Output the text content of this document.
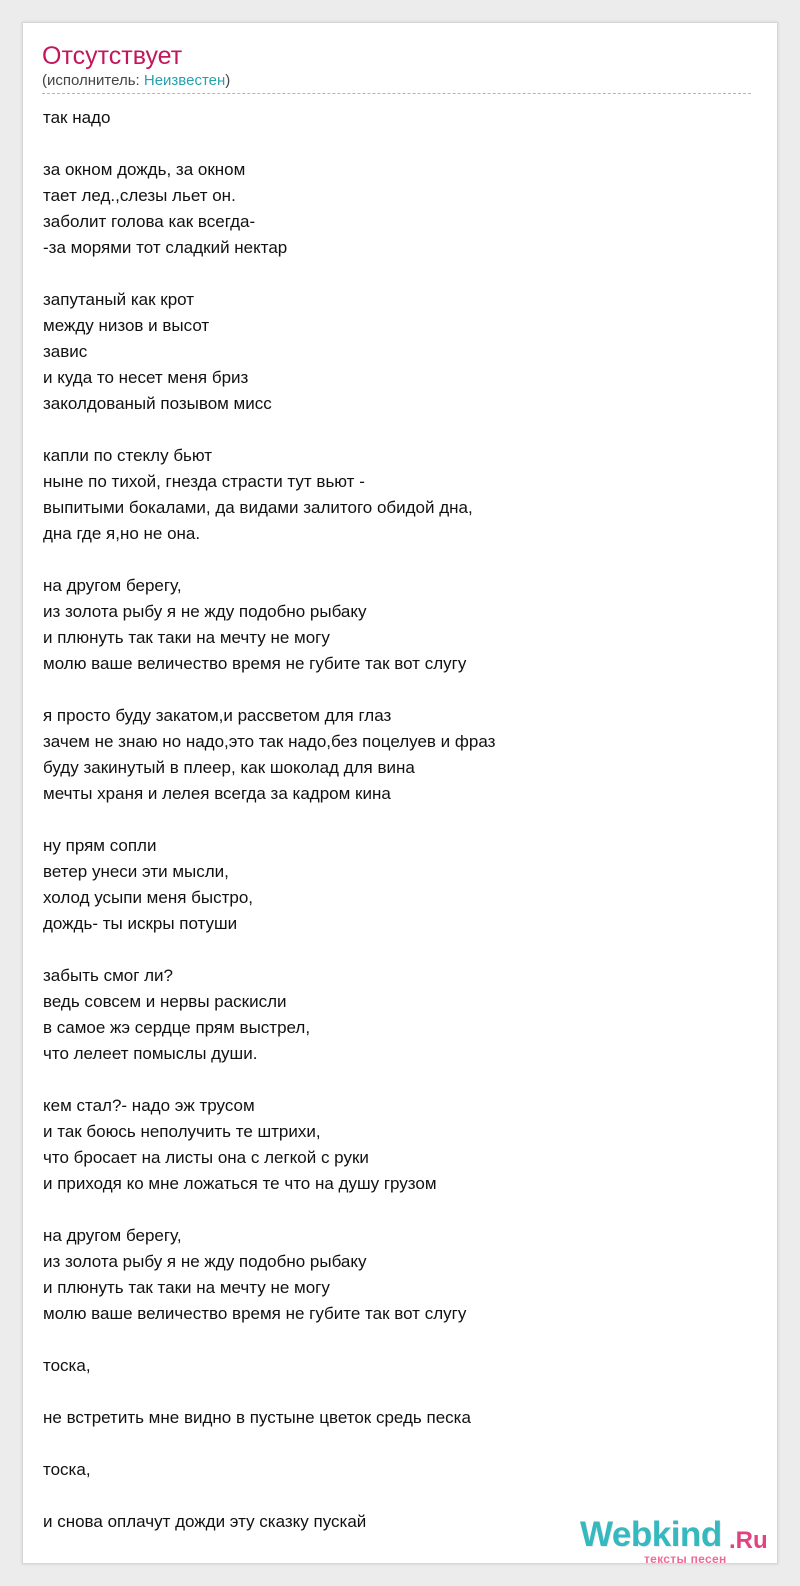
Отсутствует
(исполнитель: Неизвестен)
так надо
за окном дождь, за окном
тает лед.,слезы льет он.
заболит голова как всегда-
-за морями тот сладкий нектар
запутаный как крот
между низов и высот
завис
и куда то несет меня бриз
заколдованый позывом мисс
капли по стеклу бьют
ныне по тихой, гнезда страсти тут вьют -
выпитыми бокалами, да видами залитого обидой дна,
дна где я,но не она.
на другом берегу,
из золота рыбу я не жду подобно рыбаку
и плюнуть так таки на мечту не могу
молю ваше величество время не губите так вот слугу
я просто буду закатом,и рассветом для глаз
зачем не знаю но надо,это так надо,без поцелуев и фраз
буду закинутый в плеер, как шоколад для вина
мечты храня и лелея всегда за кадром кина
ну прям сопли
ветер унеси эти мысли,
холод усыпи меня быстро,
дождь- ты искры потуши
забыть смог ли?
ведь совсем и нервы раскисли
в самое жэ сердце прям выстрел,
что лелеет помыслы души.
кем стал?- надо эж трусом
и так боюсь неполучить те штрихи,
что бросает на листы она с легкой с руки
и приходя ко мне ложаться те что на душу грузом
на другом берегу,
из золота рыбу я не жду подобно рыбаку
и плюнуть так таки на мечту не могу
молю ваше величество время не губите так вот слугу
тоска,
не встретить мне видно в пустыне цветок средь песка
тоска,
и снова оплачут дожди эту сказку пускай	Webkind .Ru
тексты песен
